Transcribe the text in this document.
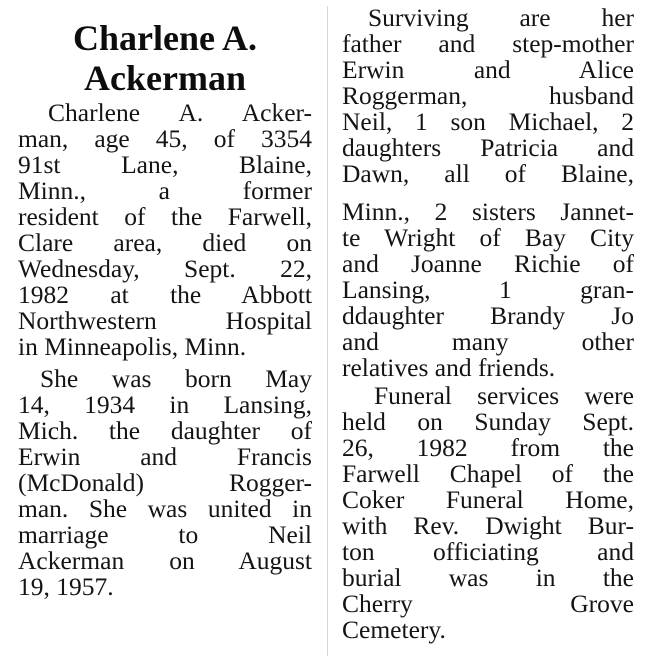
Charlene A.
Ackerman
Charlene A. Acker-
man, age 45, of 3354
91st Lane, Blaine,
Minn., a former
resident of the Farwell,
Clare area, died on
Wednesday, Sept. 22,
1982 at the Abbott
Northwestern Hospital
in Minneapolis, Minn.
She was born May
14, 1934 in Lansing,
Mich. the daughter of
Erwin and Francis
(McDonald) Rogger-
man. She was united in
marriage to Neil
Ackerman on August
19, 1957.
Surviving are her
father and step-mother
Erwin and Alice
Roggerman, husband
Neil, 1 son Michael, 2
daughters Patricia and
Dawn, all of Blaine,
Minn., 2 sisters Jannet-
te Wright of Bay City
and Joanne Richie of
Lansing, 1 gran-
ddaughter Brandy Jo
and many other
relatives and friends.
Funeral services were
held on Sunday Sept.
26, 1982 from the
Farwell Chapel of the
Coker Funeral Home,
with Rev. Dwight Bur-
ton officiating and
burial was in the
Cherry Grove
Cemetery.
